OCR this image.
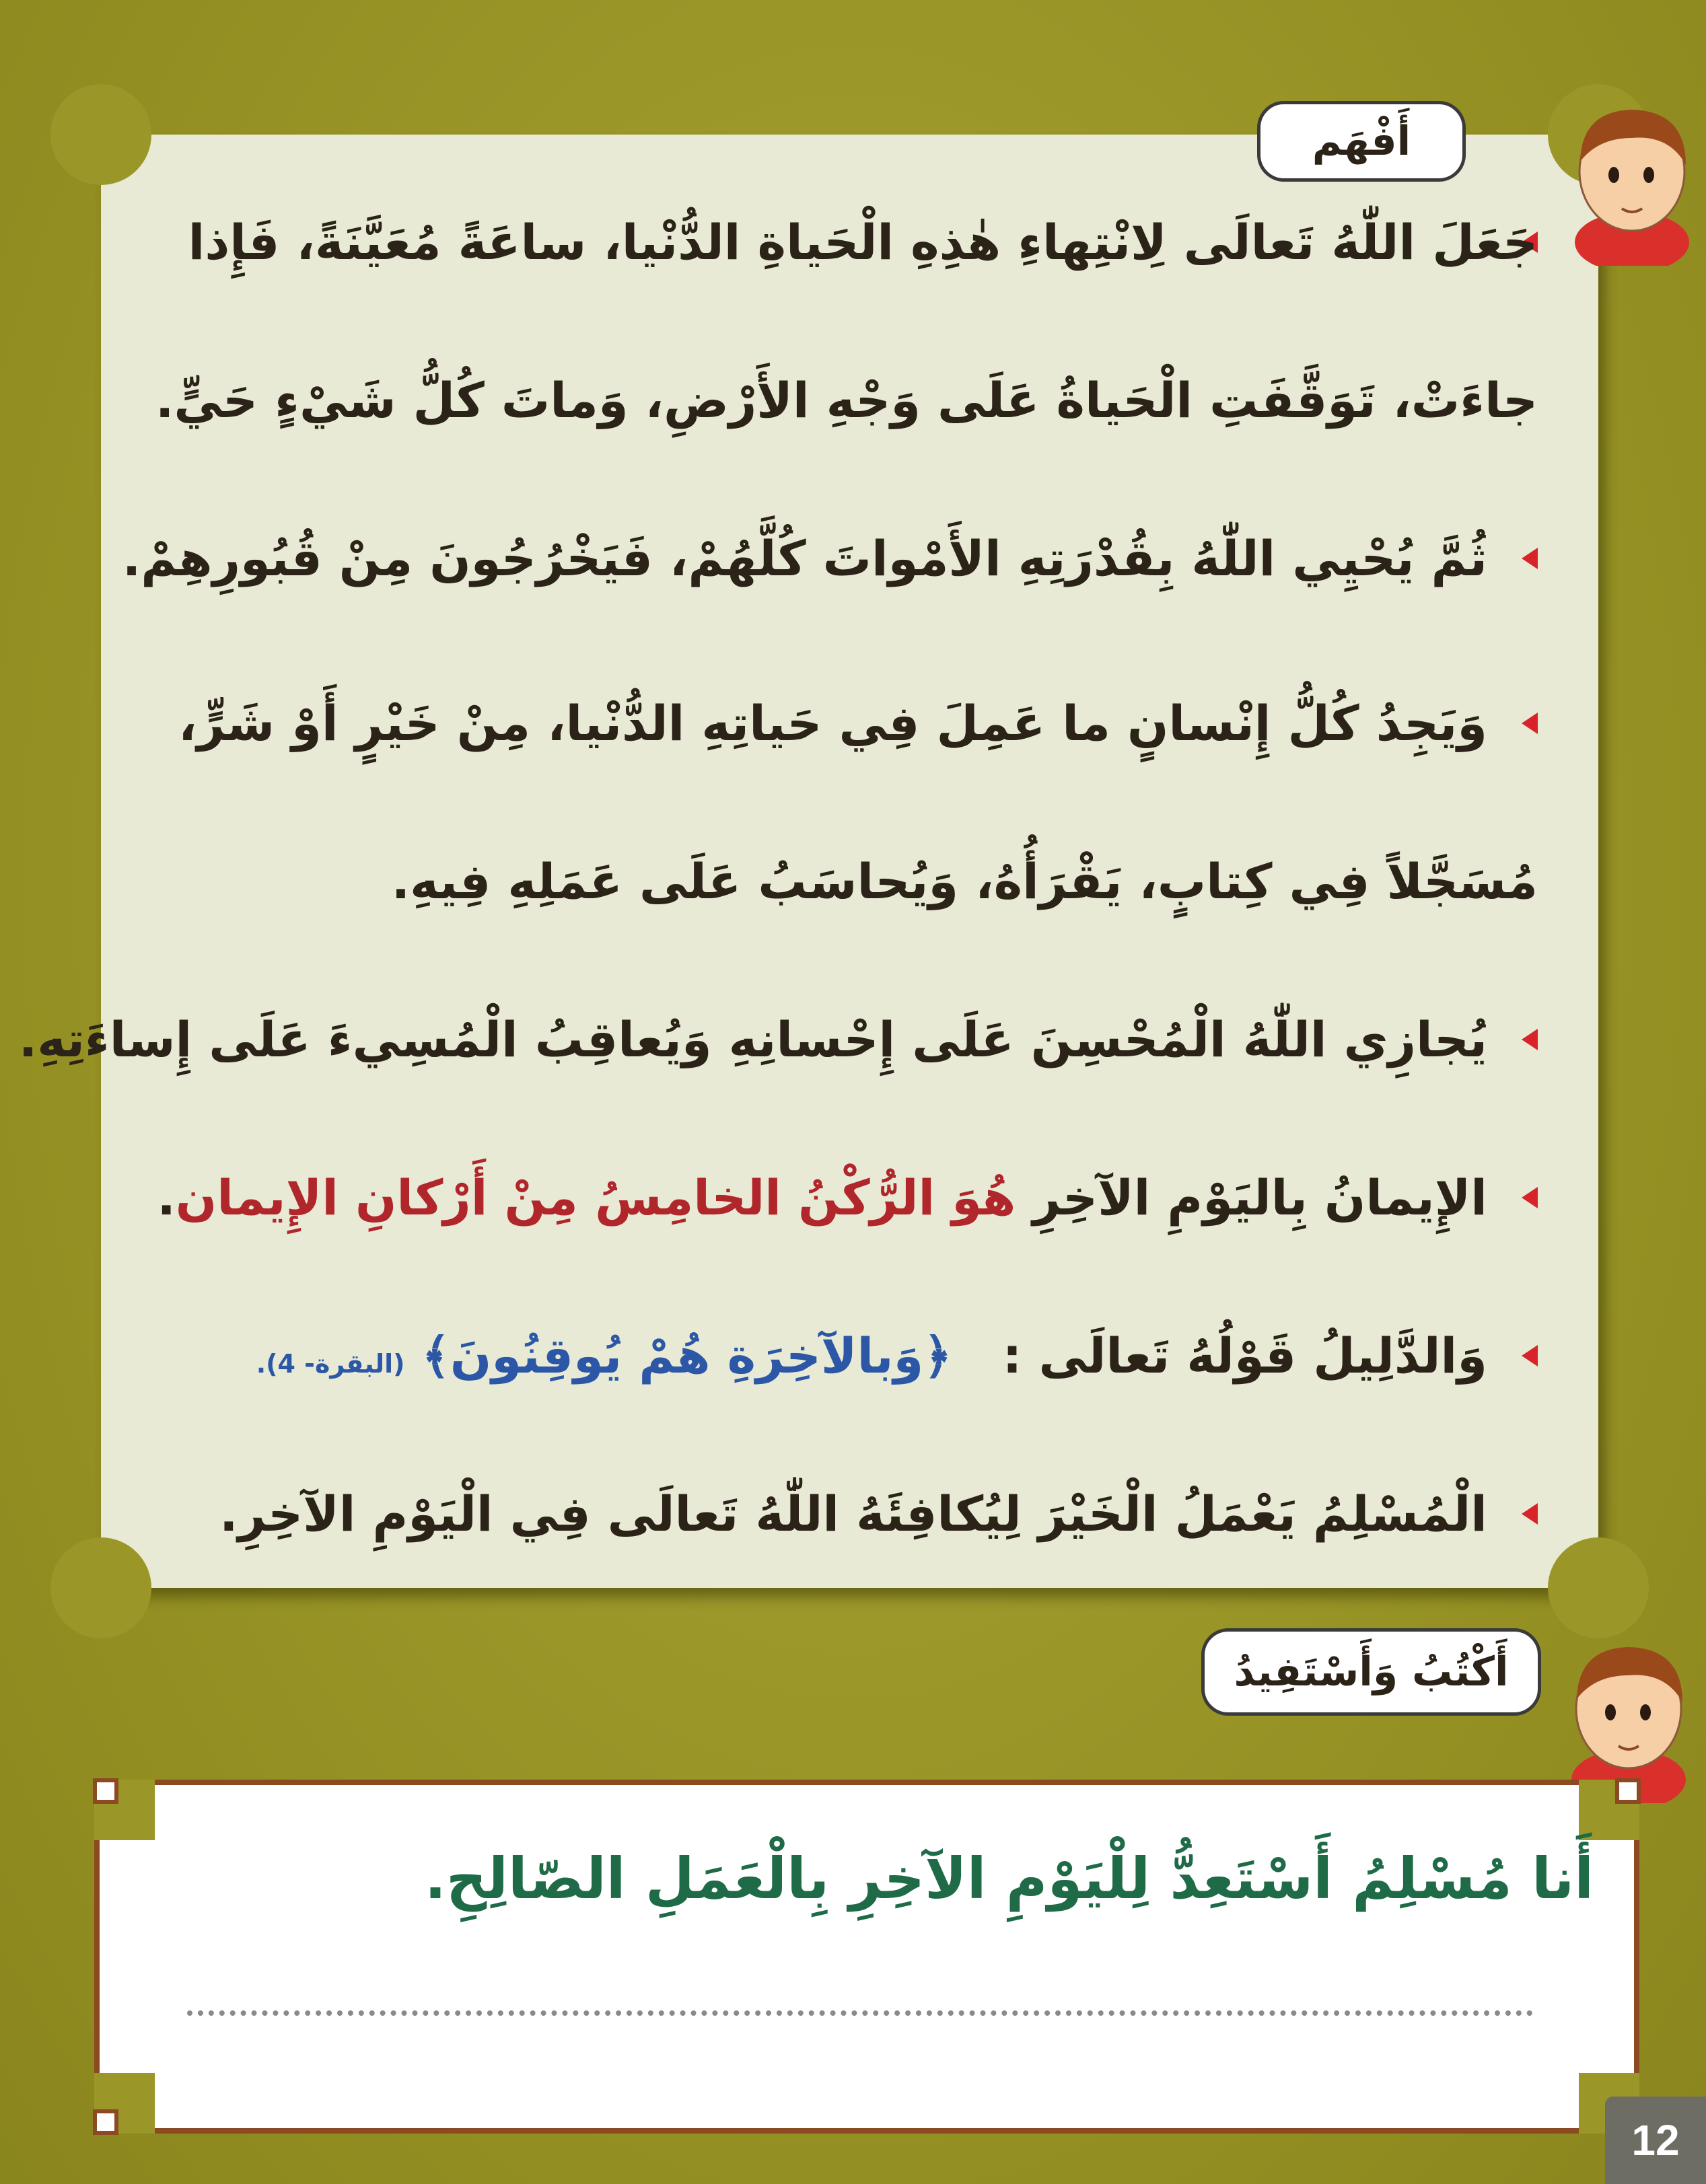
جَعَلَ اللّٰهُ تَعالَى لِانْتِهاءِ هٰذِهِ الْحَياةِ الدُّنْيا، ساعَةً مُعَيَّنَةً، فَإِذا
جاءَتْ، تَوَقَّفَتِ الْحَياةُ عَلَى وَجْهِ الأَرْضِ، وَماتَ كُلُّ شَيْءٍ حَيٍّ.
ثُمَّ يُحْيِي اللّٰهُ بِقُدْرَتِهِ الأَمْواتَ كُلَّهُمْ، فَيَخْرُجُونَ مِنْ قُبُورِهِمْ.
وَيَجِدُ كُلُّ إِنْسانٍ ما عَمِلَ فِي حَياتِهِ الدُّنْيا، مِنْ خَيْرٍ أَوْ شَرٍّ،
مُسَجَّلاً فِي كِتابٍ، يَقْرَأُهُ، وَيُحاسَبُ عَلَى عَمَلِهِ فِيهِ.
يُجازِي اللّٰهُ الْمُحْسِنَ عَلَى إِحْسانِهِ وَيُعاقِبُ الْمُسِيءَ عَلَى إِساءَتِهِ.
الإِيمانُ بِاليَوْمِ الآخِرِ هُوَ الرُّكْنُ الخامِسُ مِنْ أَرْكانِ الإِيمان.
وَالدَّلِيلُ قَوْلُهُ تَعالَى :   ﴿وَبالآخِرَةِ هُمْ يُوقِنُونَ﴾ (البقرة- 4).
الْمُسْلِمُ يَعْمَلُ الْخَيْرَ لِيُكافِئَهُ اللّٰهُ تَعالَى فِي الْيَوْمِ الآخِرِ.
أَفْهَم
أَكْتُبُ وَأَسْتَفِيدُ
أَنا مُسْلِمُ أَسْتَعِدُّ لِلْيَوْمِ الآخِرِ بِالْعَمَلِ الصّالِحِ.
12
